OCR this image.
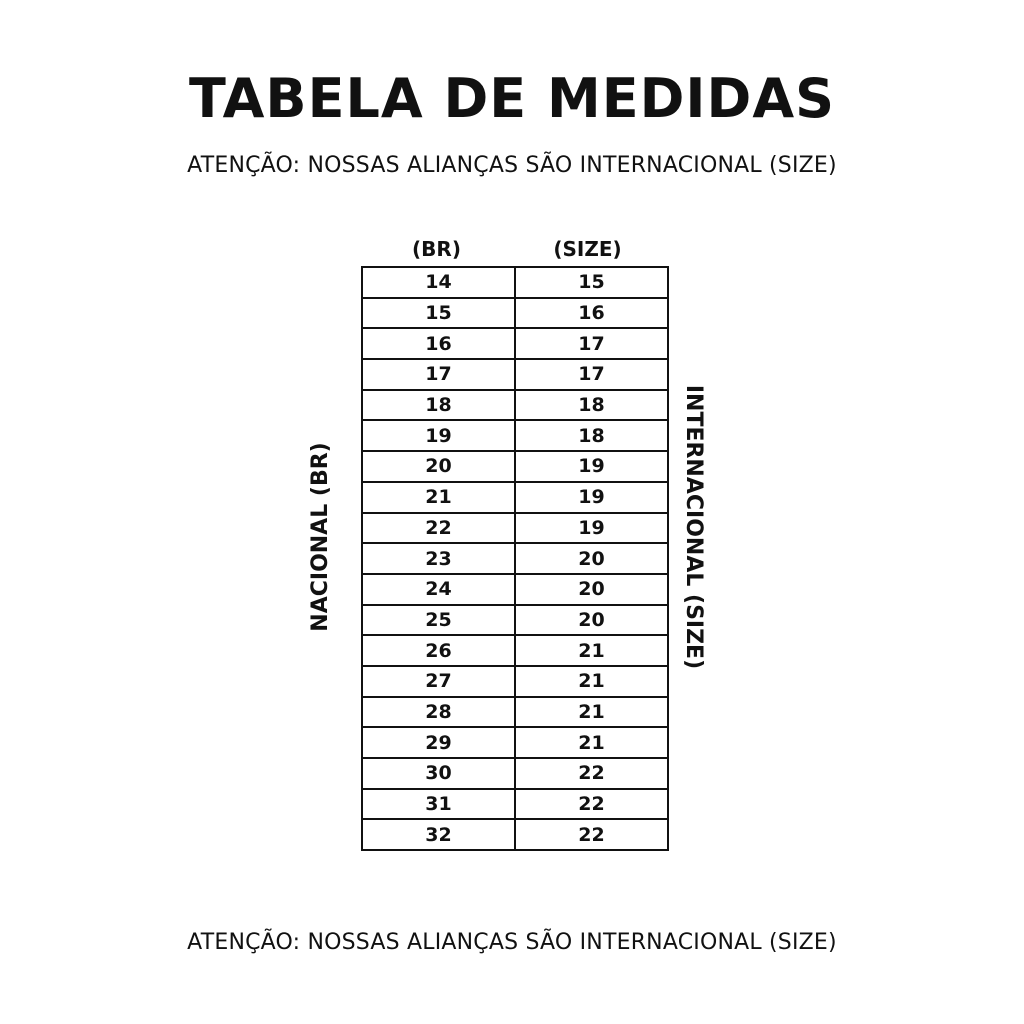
TABELA DE MEDIDAS
ATENÇÃO: NOSSAS ALIANÇAS SÃO INTERNACIONAL (SIZE)
(BR)	(SIZE)
NACIONAL (BR)
14	15
15	16
16	17
17	17
18	18
19	18
20	19
21	19
22	19
23	20
24	20
25	20
26	21
27	21
28	21
29	21
30	22
31	22
32	22
INTERNACIONAL (SIZE)
ATENÇÃO: NOSSAS ALIANÇAS SÃO INTERNACIONAL (SIZE)
